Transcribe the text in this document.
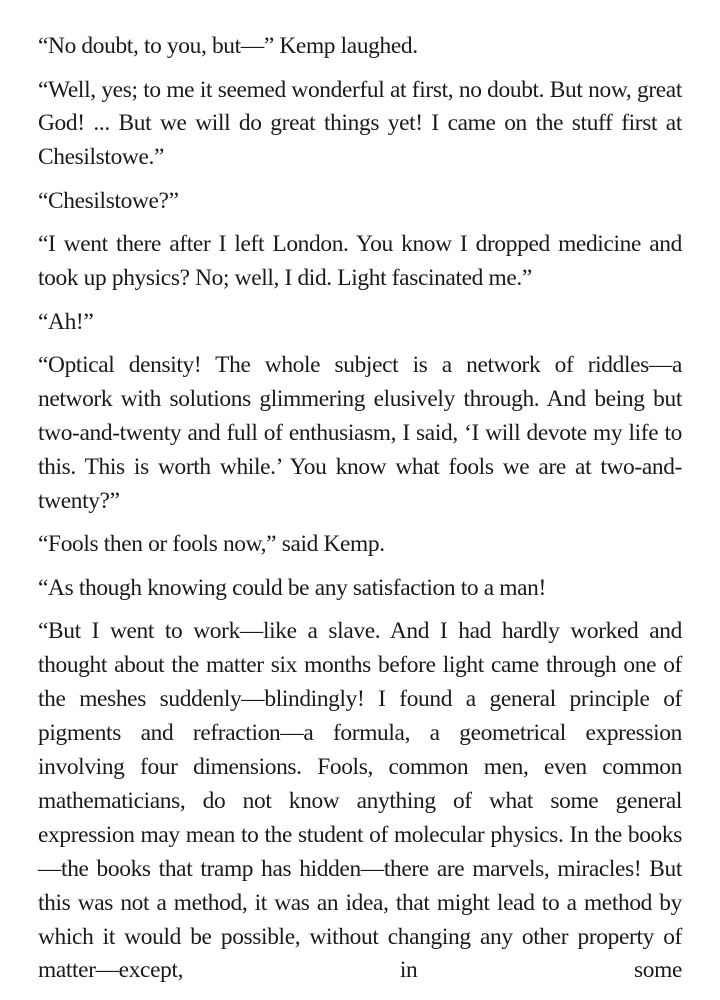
“No doubt, to you, but—” Kemp laughed.

“Well, yes; to me it seemed wonderful at first, no doubt. But now, great God! ... But we will do great things yet! I came on the stuff first at Chesilstowe.”

“Chesilstowe?”

“I went there after I left London. You know I dropped medicine and took up physics? No; well, I did. Light fascinated me.”

“Ah!”

“Optical density! The whole subject is a network of riddles—a network with solutions glimmering elusively through. And being but two-and-twenty and full of enthusiasm, I said, ‘I will devote my life to this. This is worth while.’ You know what fools we are at two-and-twenty?”

“Fools then or fools now,” said Kemp.

“As though knowing could be any satisfaction to a man!

“But I went to work—like a slave. And I had hardly worked and thought about the matter six months before light came through one of the meshes suddenly—blindingly! I found a general principle of pigments and refraction—a formula, a geometrical expression involving four dimensions. Fools, common men, even common mathematicians, do not know anything of what some general expression may mean to the student of molecular physics. In the books—the books that tramp has hidden—there are marvels, miracles! But this was not a method, it was an idea, that might lead to a method by which it would be possible, without changing any other property of matter—except, in some
